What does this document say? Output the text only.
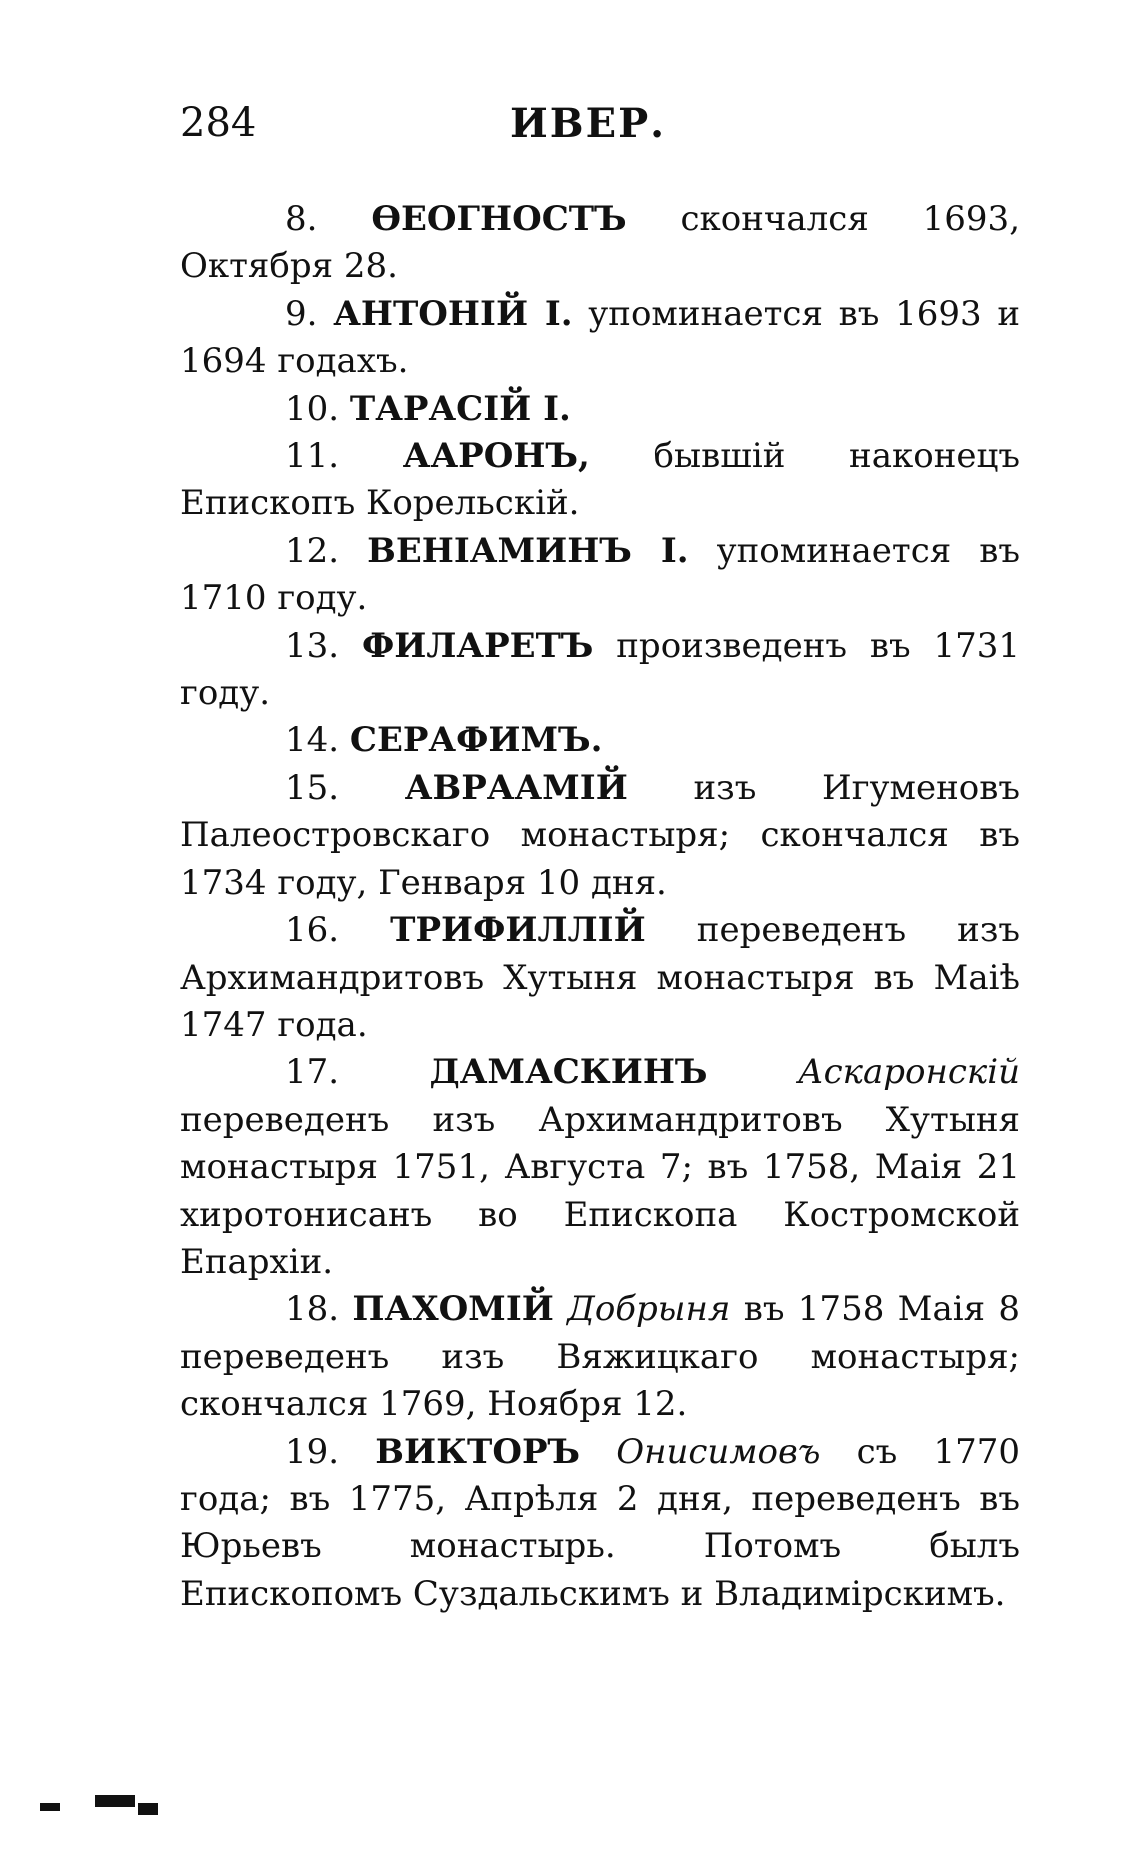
284	ИВЕР.

8. ѲЕОГНОСТЪ скончался 1693, Октября 28.

9. АНТОНІЙ I. упоминается въ 1693 и 1694 годахъ.

10. ТАРАСІЙ I.

11. ААРОНЪ, бывшій наконецъ Епископъ Корельскій.

12. ВЕНІАМИНЪ I. упоминается въ 1710 году.

13. ФИЛАРЕТЪ произведенъ въ 1731 году.

14. СЕРАФИМЪ.

15. АВРААМІЙ изъ Игуменовъ Палеостровскаго монастыря; скончался въ 1734 году, Генваря 10 дня.

16. ТРИФИЛЛІЙ переведенъ изъ Архимандритовъ Хутыня монастыря въ Маіѣ 1747 года.

17.	ДАМАСКИНЪ	Аскаронскій переведенъ изъ Архимандритовъ Хутыня монастыря 1751, Августа 7; въ 1758, Маія 21 хиротонисанъ во Епископа Костромской Епархіи.

18. ПАХОМІЙ Добрыня въ 1758 Маія 8 переведенъ изъ Вяжицкаго монастыря; скончался 1769, Ноября 12.

19. ВИКТОРЪ Онисимовъ съ 1770 года; въ 1775, Апрѣля 2 дня, переведенъ въ Юрьевъ монастырь. Потомъ былъ Епископомъ Суздальскимъ и Владимірскимъ.
